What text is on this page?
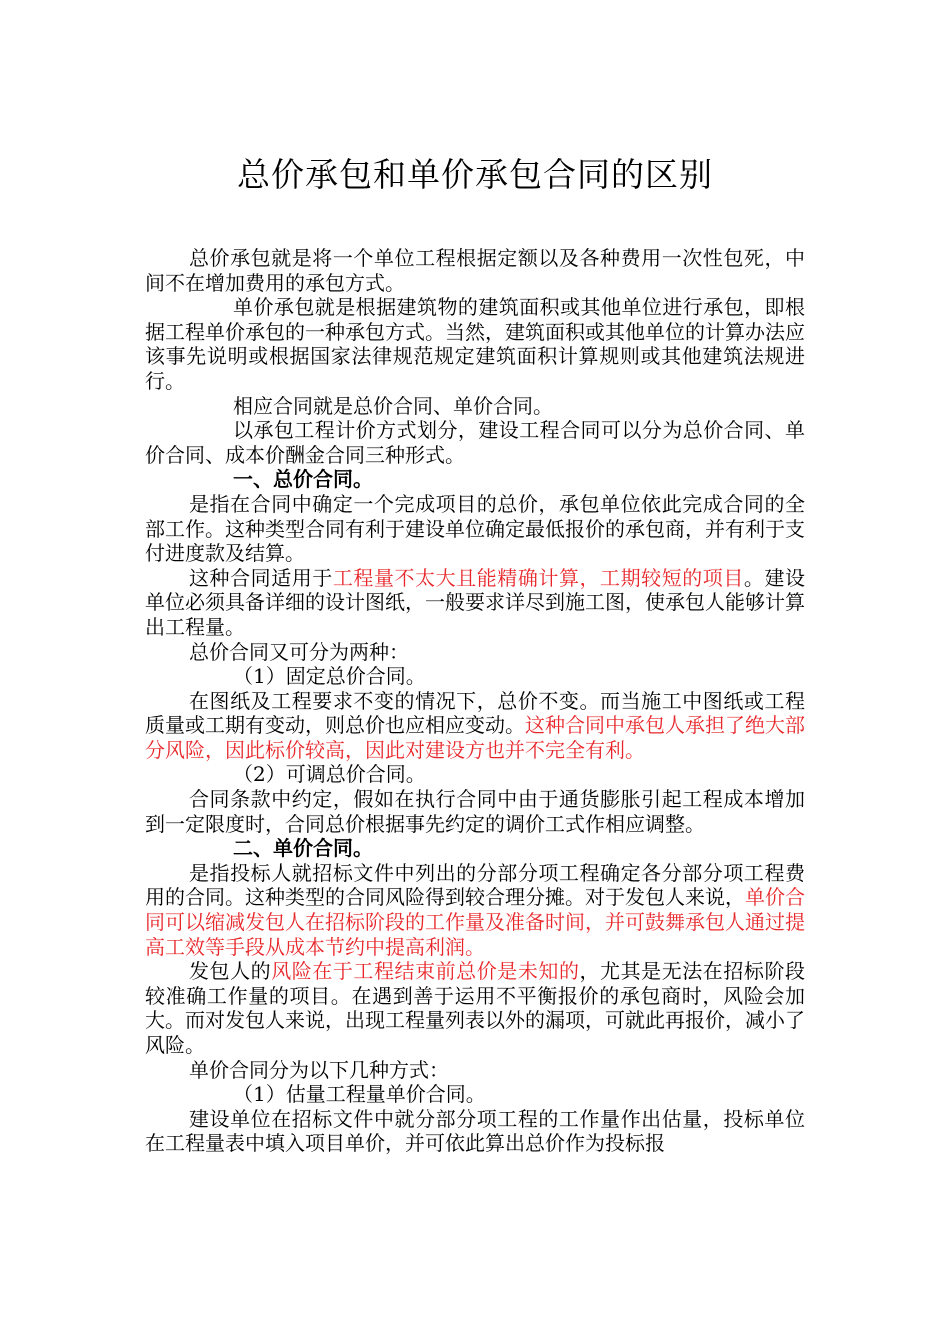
总价承包和单价承包合同的区别

总价承包就是将一个单位工程根据定额以及各种费用一次性包死，中间不在增加费用的承包方式。

单价承包就是根据建筑物的建筑面积或其他单位进行承包，即根据工程单价承包的一种承包方式。当然，建筑面积或其他单位的计算办法应该事先说明或根据国家法律规范规定建筑面积计算规则或其他建筑法规进行。

相应合同就是总价合同、单价合同。

以承包工程计价方式划分，建设工程合同可以分为总价合同、单价合同、成本价酬金合同三种形式。

一、总价合同。

是指在合同中确定一个完成项目的总价，承包单位依此完成合同的全部工作。这种类型合同有利于建设单位确定最低报价的承包商，并有利于支付进度款及结算。

这种合同适用于工程量不太大且能精确计算，工期较短的项目。建设单位必须具备详细的设计图纸，一般要求详尽到施工图，使承包人能够计算出工程量。

总价合同又可分为两种：

（1）固定总价合同。

在图纸及工程要求不变的情况下，总价不变。而当施工中图纸或工程质量或工期有变动，则总价也应相应变动。这种合同中承包人承担了绝大部分风险，因此标价较高，因此对建设方也并不完全有利。

（2）可调总价合同。

合同条款中约定，假如在执行合同中由于通货膨胀引起工程成本增加到一定限度时，合同总价根据事先约定的调价工式作相应调整。

二、单价合同。

是指投标人就招标文件中列出的分部分项工程确定各分部分项工程费用的合同。这种类型的合同风险得到较合理分摊。对于发包人来说，单价合同可以缩减发包人在招标阶段的工作量及准备时间，并可鼓舞承包人通过提高工效等手段从成本节约中提高利润。

发包人的风险在于工程结束前总价是未知的，尤其是无法在招标阶段较准确工作量的项目。在遇到善于运用不平衡报价的承包商时，风险会加大。而对发包人来说，出现工程量列表以外的漏项，可就此再报价，减小了风险。

单价合同分为以下几种方式：

（1）估量工程量单价合同。

建设单位在招标文件中就分部分项工程的工作量作出估量，投标单位在工程量表中填入项目单价，并可依此算出总价作为投标报
